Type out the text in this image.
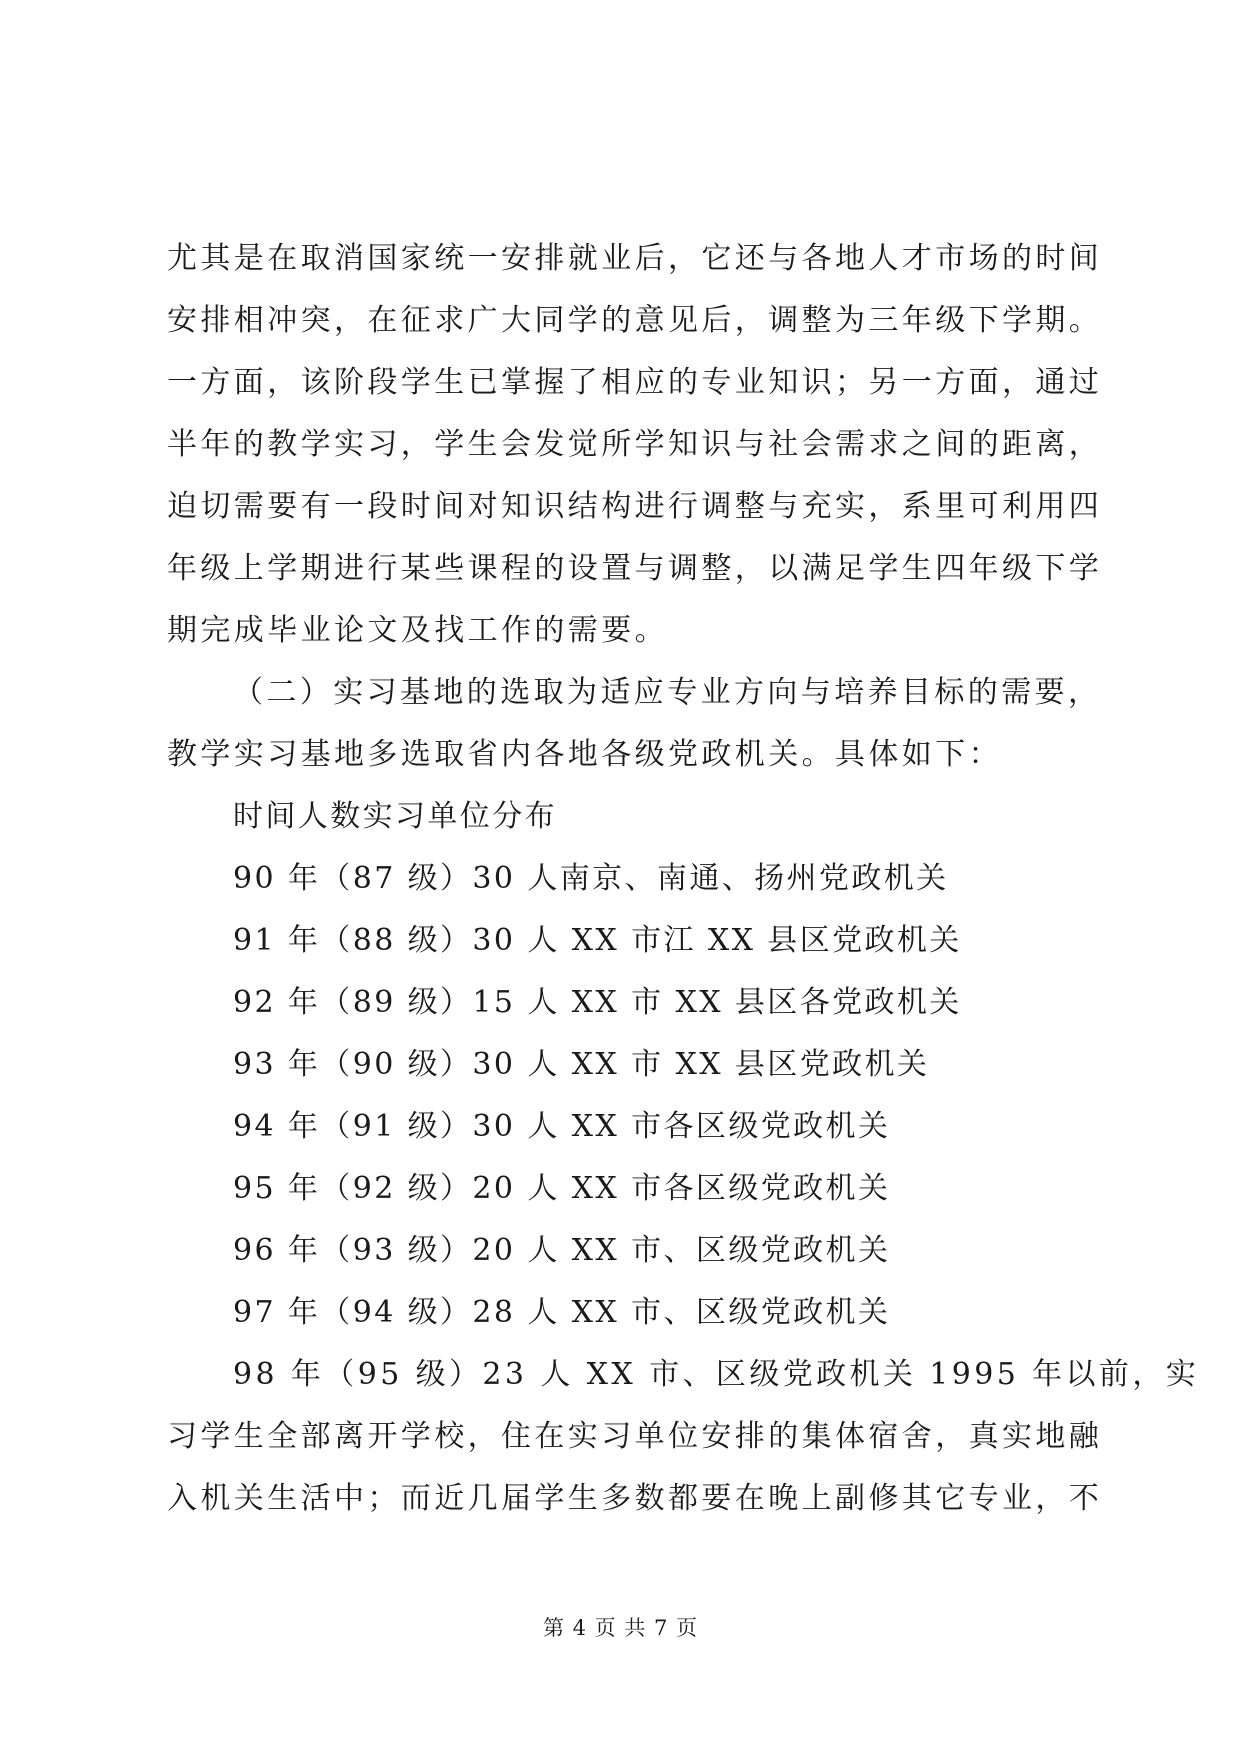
尤其是在取消国家统一安排就业后，它还与各地人才市场的时间
安排相冲突，在征求广大同学的意见后，调整为三年级下学期。
一方面，该阶段学生已掌握了相应的专业知识；另一方面，通过
半年的教学实习，学生会发觉所学知识与社会需求之间的距离，
迫切需要有一段时间对知识结构进行调整与充实，系里可利用四
年级上学期进行某些课程的设置与调整，以满足学生四年级下学
期完成毕业论文及找工作的需要。
（二）实习基地的选取为适应专业方向与培养目标的需要，
教学实习基地多选取省内各地各级党政机关。具体如下：
时间人数实习单位分布
90 年（87 级）30 人南京、南通、扬州党政机关
91 年（88 级）30 人 XX 市江 XX 县区党政机关
92 年（89 级）15 人 XX 市 XX 县区各党政机关
93 年（90 级）30 人 XX 市 XX 县区党政机关
94 年（91 级）30 人 XX 市各区级党政机关
95 年（92 级）20 人 XX 市各区级党政机关
96 年（93 级）20 人 XX 市、区级党政机关
97 年（94 级）28 人 XX 市、区级党政机关
98 年（95 级）23 人 XX 市、区级党政机关 1995 年以前，实
习学生全部离开学校，住在实习单位安排的集体宿舍，真实地融
入机关生活中；而近几届学生多数都要在晚上副修其它专业，不
第 4 页 共 7 页
